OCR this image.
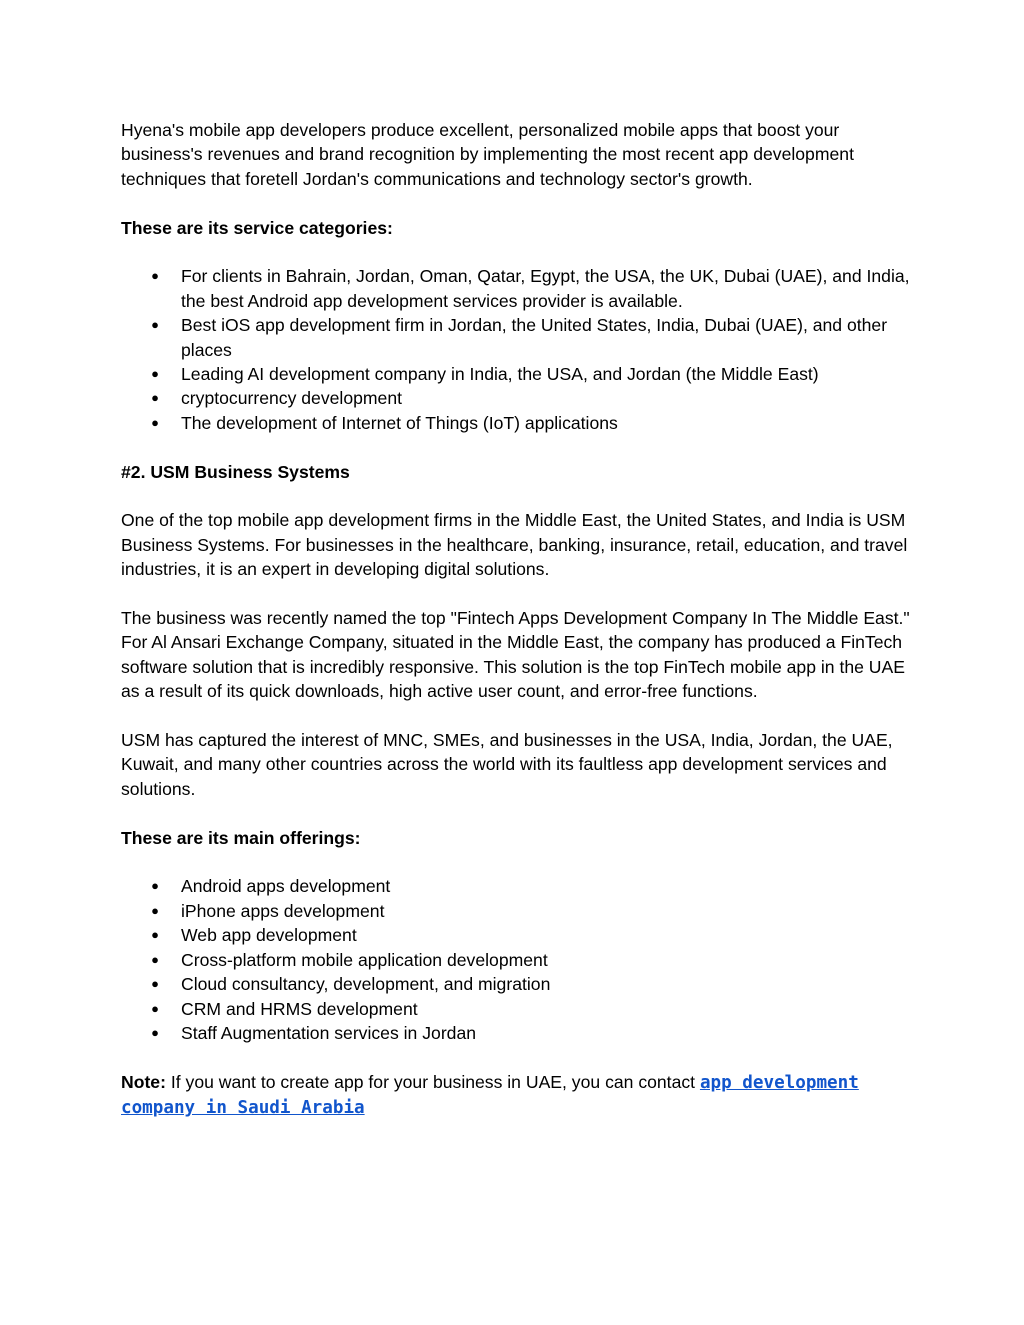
Hyena's mobile app developers produce excellent, personalized mobile apps that boost your business's revenues and brand recognition by implementing the most recent app development techniques that foretell Jordan's communications and technology sector's growth.

These are its service categories:

● For clients in Bahrain, Jordan, Oman, Qatar, Egypt, the USA, the UK, Dubai (UAE), and India, the best Android app development services provider is available.
● Best iOS app development firm in Jordan, the United States, India, Dubai (UAE), and other places
● Leading AI development company in India, the USA, and Jordan (the Middle East)
● cryptocurrency development
● The development of Internet of Things (IoT) applications

#2. USM Business Systems

One of the top mobile app development firms in the Middle East, the United States, and India is USM Business Systems. For businesses in the healthcare, banking, insurance, retail, education, and travel industries, it is an expert in developing digital solutions.

The business was recently named the top "Fintech Apps Development Company In The Middle East." For Al Ansari Exchange Company, situated in the Middle East, the company has produced a FinTech software solution that is incredibly responsive. This solution is the top FinTech mobile app in the UAE as a result of its quick downloads, high active user count, and error-free functions.

USM has captured the interest of MNC, SMEs, and businesses in the USA, India, Jordan, the UAE, Kuwait, and many other countries across the world with its faultless app development services and solutions.

These are its main offerings:

● Android apps development
● iPhone apps development
● Web app development
● Cross-platform mobile application development
● Cloud consultancy, development, and migration
● CRM and HRMS development
● Staff Augmentation services in Jordan

Note: If you want to create app for your business in UAE, you can contact app development company in Saudi Arabia
